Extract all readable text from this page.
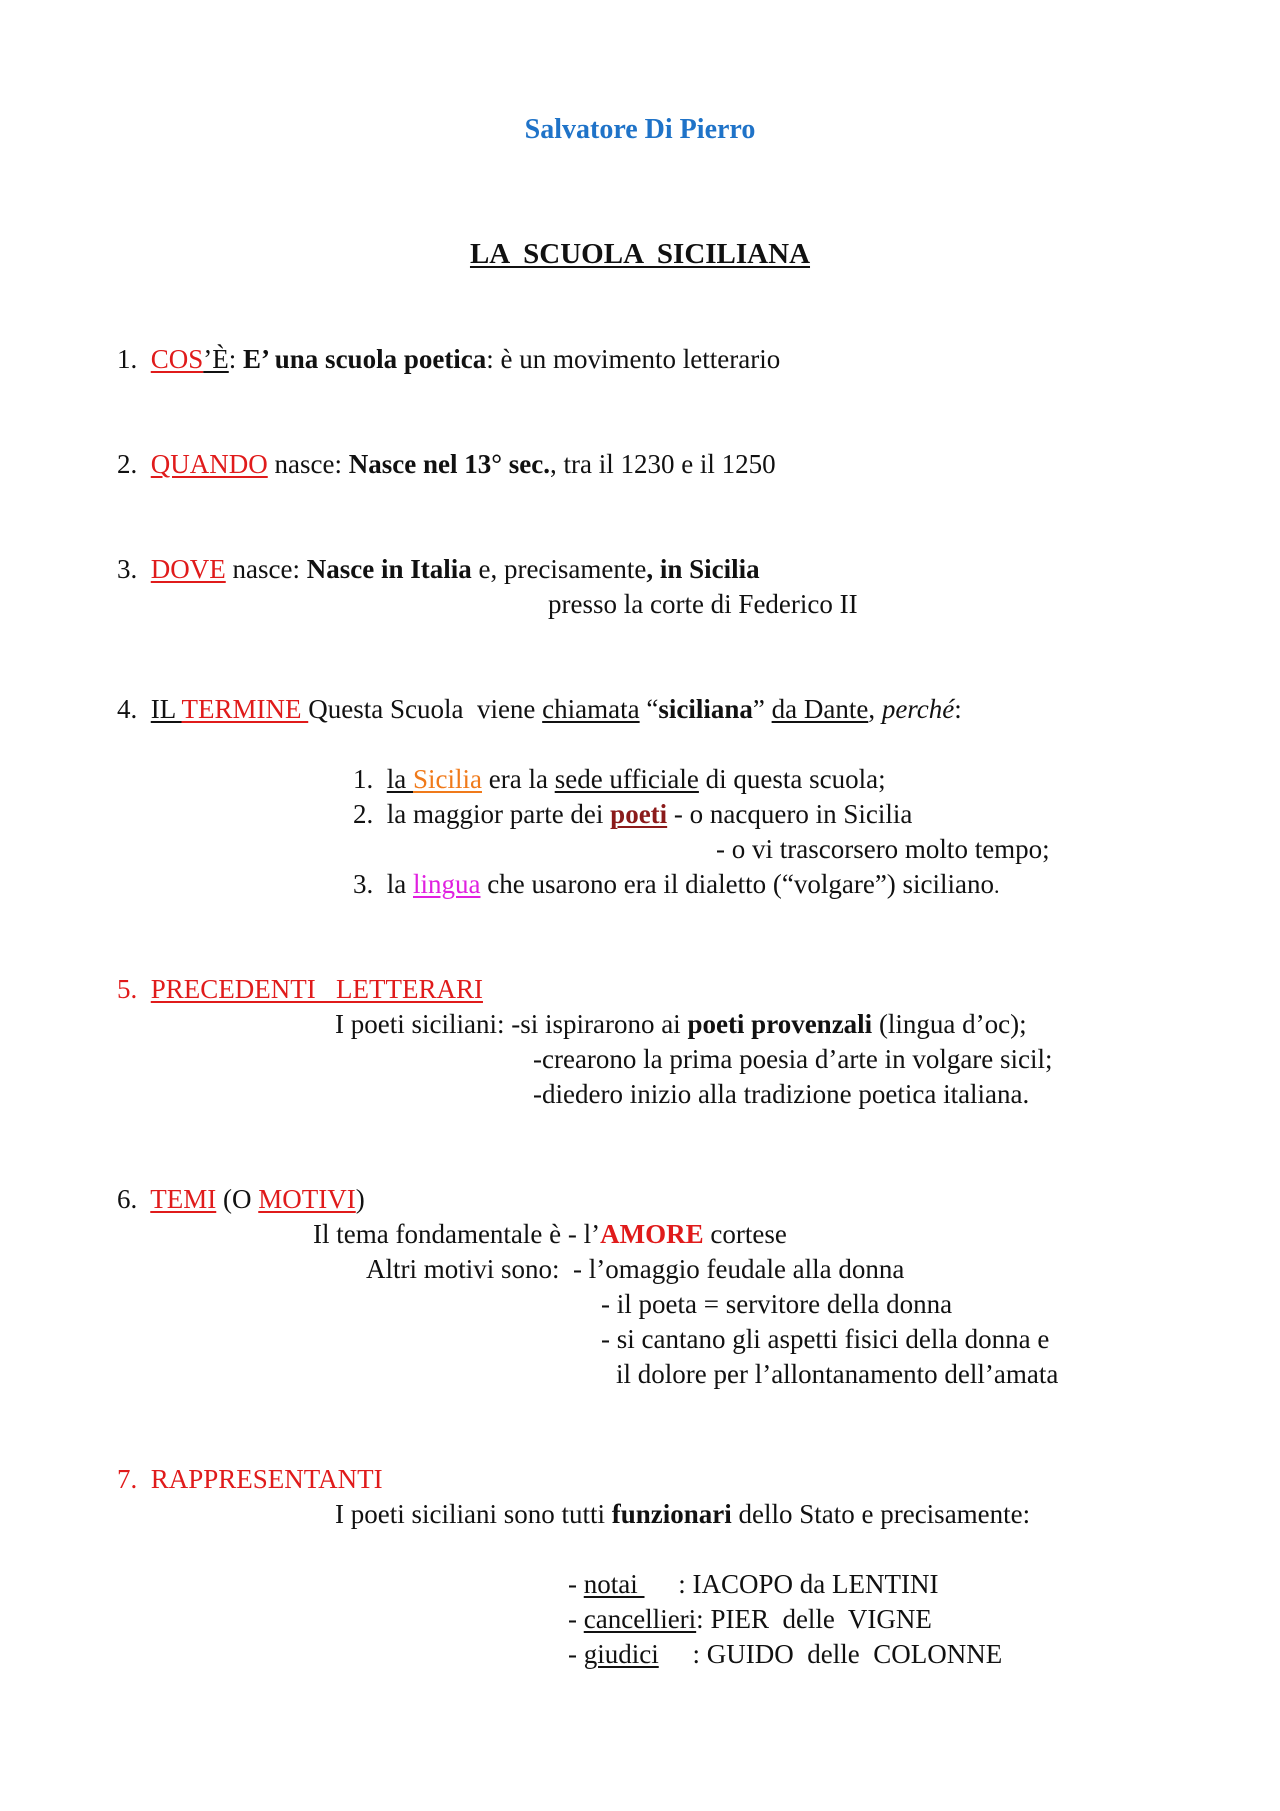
Salvatore Di Pierro
LA  SCUOLA  SICILIANA
1. COS’È: E’ una scuola poetica: è un movimento letterario
2. QUANDO nasce: Nasce nel 13° sec., tra il 1230 e il 1250
3. DOVE nasce: Nasce in Italia e, precisamente, in Sicilia
presso la corte di Federico II
4. IL TERMINE Questa Scuola  viene chiamata “siciliana” da Dante, perché:
1. la Sicilia era la sede ufficiale di questa scuola;
2. la maggior parte dei poeti - o nacquero in Sicilia
- o vi trascorsero molto tempo;
3. la lingua che usarono era il dialetto (“volgare”) siciliano.
5. PRECEDENTI   LETTERARI
I poeti siciliani: -si ispirarono ai poeti provenzali (lingua d’oc);
-crearono la prima poesia d’arte in volgare sicil;
-diedero inizio alla tradizione poetica italiana.
6. TEMI (O MOTIVI)
Il tema fondamentale è - l’AMORE cortese
Altri motivi sono:  - l’omaggio feudale alla donna
- il poeta = servitore della donna
- si cantano gli aspetti fisici della donna e
il dolore per l’allontanamento dell’amata
7. RAPPRESENTANTI
I poeti siciliani sono tutti funzionari dello Stato e precisamente:
- notai      : IACOPO da LENTINI
- cancellieri: PIER  delle  VIGNE
- giudici     : GUIDO  delle  COLONNE
